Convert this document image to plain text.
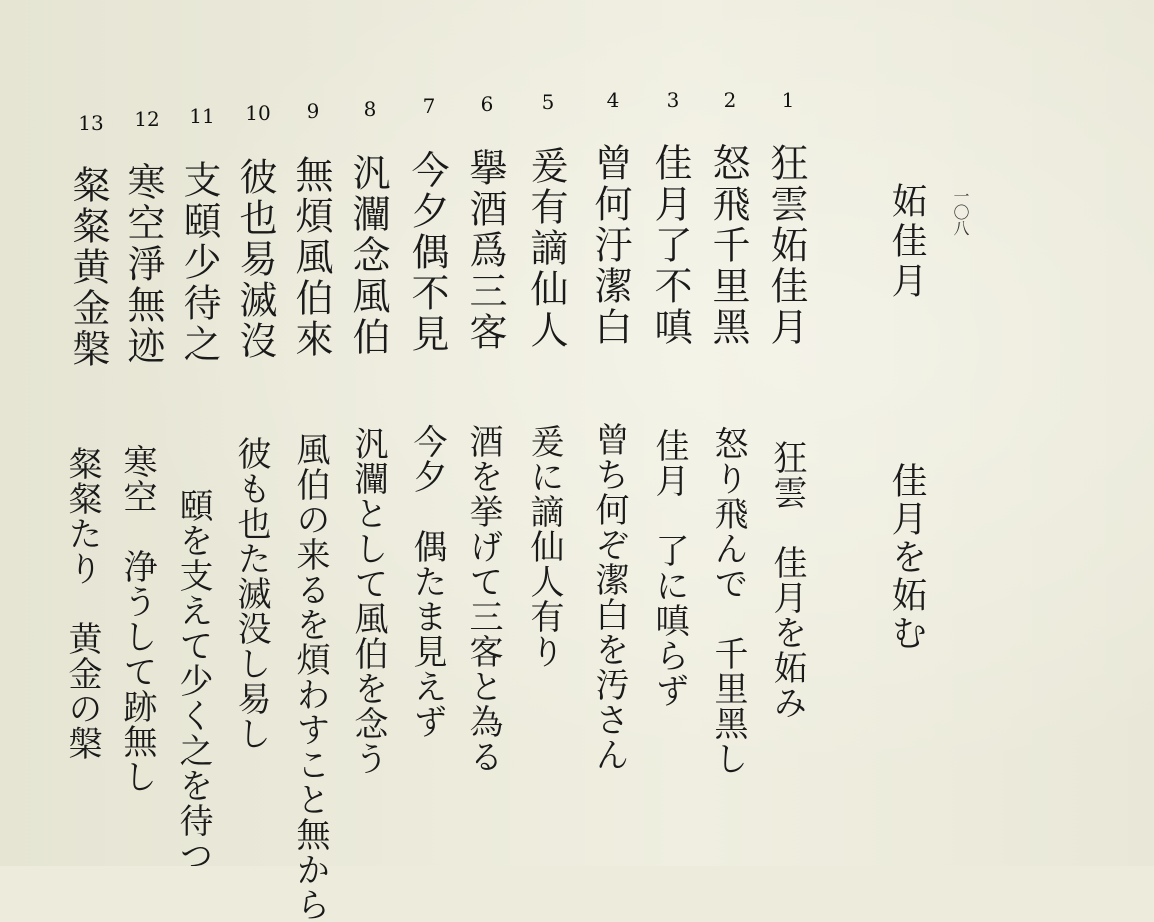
一〇八
妬佳月
佳月を妬む
1
2
3
4
5
6
7
8
9
10
11
12
13
狂雲妬佳月
怒飛千里黑
佳月了不嗔
曾何汙潔白
爰有謫仙人
擧酒爲三客
今夕偶不見
汎灛念風伯
無煩風伯來
彼也易滅沒
支頤少待之
寒空淨無迹
粲粲黄金槃
狂雲　佳月を妬み
怒り飛んで　千里黑し
佳月　了に嗔らず
曾ち何ぞ潔白を汚さん
爰に謫仙人有り
酒を挙げて三客と為る
今夕　偶たま見えず
汎灛として風伯を念う
風伯の来るを煩わすこと無から
彼も也た滅没し易し
頤を支えて少く之を待つ
寒空　浄うして跡無し
粲粲たり　黄金の槃
